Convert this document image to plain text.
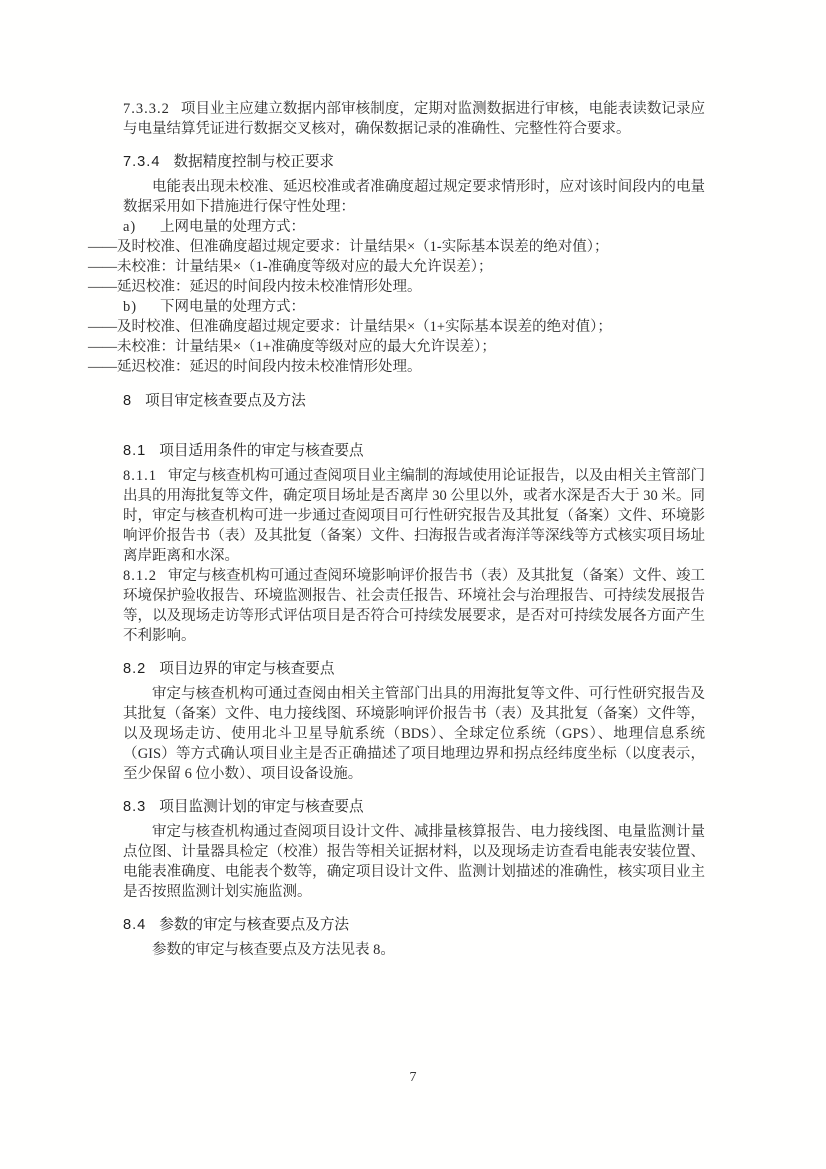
7.3.3.2 项目业主应建立数据内部审核制度，定期对监测数据进行审核，电能表读数记录应与电量结算凭证进行数据交叉核对，确保数据记录的准确性、完整性符合要求。

7.3.4 数据精度控制与校正要求

电能表出现未校准、延迟校准或者准确度超过规定要求情形时，应对该时间段内的电量数据采用如下措施进行保守性处理：

a) 上网电量的处理方式：

——及时校准、但准确度超过规定要求：计量结果×（1-实际基本误差的绝对值）；

——未校准：计量结果×（1-准确度等级对应的最大允许误差）；

——延迟校准：延迟的时间段内按未校准情形处理。

b) 下网电量的处理方式：

——及时校准、但准确度超过规定要求：计量结果×（1+实际基本误差的绝对值）；

——未校准：计量结果×（1+准确度等级对应的最大允许误差）；

——延迟校准：延迟的时间段内按未校准情形处理。

8 项目审定核查要点及方法
8.1 项目适用条件的审定与核查要点

8.1.1 审定与核查机构可通过查阅项目业主编制的海域使用论证报告，以及由相关主管部门出具的用海批复等文件，确定项目场址是否离岸 30 公里以外，或者水深是否大于 30 米。同时，审定与核查机构可进一步通过查阅项目可行性研究报告及其批复（备案）文件、环境影响评价报告书（表）及其批复（备案）文件、扫海报告或者海洋等深线等方式核实项目场址离岸距离和水深。

8.1.2 审定与核查机构可通过查阅环境影响评价报告书（表）及其批复（备案）文件、竣工环境保护验收报告、环境监测报告、社会责任报告、环境社会与治理报告、可持续发展报告等，以及现场走访等形式评估项目是否符合可持续发展要求，是否对可持续发展各方面产生不利影响。

8.2 项目边界的审定与核查要点

审定与核查机构可通过查阅由相关主管部门出具的用海批复等文件、可行性研究报告及其批复（备案）文件、电力接线图、环境影响评价报告书（表）及其批复（备案）文件等，以及现场走访、使用北斗卫星导航系统（BDS）、全球定位系统（GPS）、地理信息系统（GIS）等方式确认项目业主是否正确描述了项目地理边界和拐点经纬度坐标（以度表示，至少保留 6 位小数）、项目设备设施。

8.3 项目监测计划的审定与核查要点

审定与核查机构通过查阅项目设计文件、减排量核算报告、电力接线图、电量监测计量点位图、计量器具检定（校准）报告等相关证据材料，以及现场走访查看电能表安装位置、电能表准确度、电能表个数等，确定项目设计文件、监测计划描述的准确性，核实项目业主是否按照监测计划实施监测。

8.4 参数的审定与核查要点及方法

参数的审定与核查要点及方法见表 8。

7
